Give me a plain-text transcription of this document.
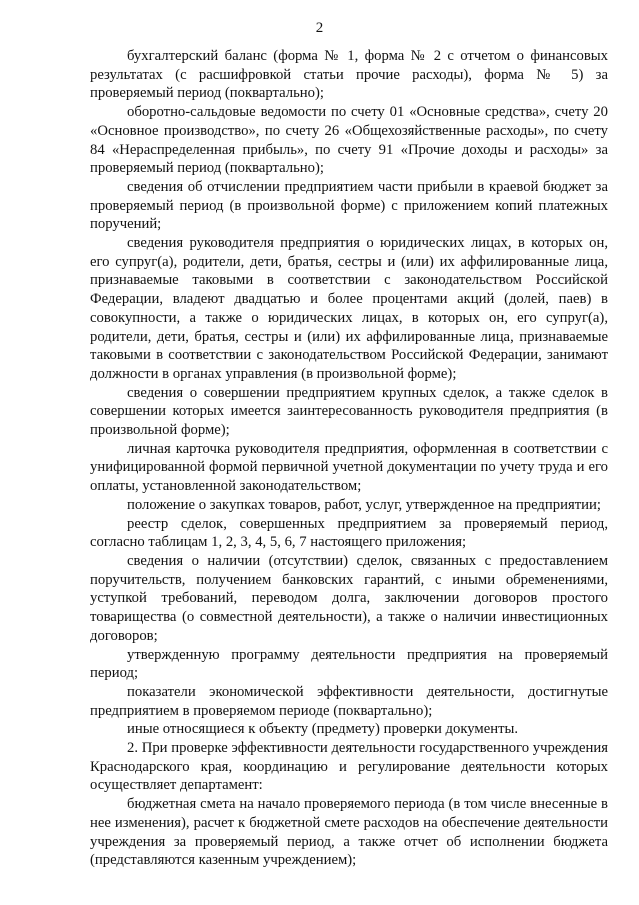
2

бухгалтерский баланс (форма № 1, форма № 2 с отчетом о финансовых результатах (с расшифровкой статьи прочие расходы), форма № 5) за проверяемый период (поквартально);

оборотно-сальдовые ведомости по счету 01 «Основные средства», счету 20 «Основное производство», по счету 26 «Общехозяйственные расходы», по счету 84 «Нераспределенная прибыль», по счету 91 «Прочие доходы и расходы» за проверяемый период (поквартально);

сведения об отчислении предприятием части прибыли в краевой бюджет за проверяемый период (в произвольной форме) с приложением копий платежных поручений;

сведения руководителя предприятия о юридических лицах, в которых он, его супруг(а), родители, дети, братья, сестры и (или) их аффилированные лица, признаваемые таковыми в соответствии с законодательством Российской Федерации, владеют двадцатью и более процентами акций (долей, паев) в совокупности, а также о юридических лицах, в которых он, его супруг(а), родители, дети, братья, сестры и (или) их аффилированные лица, признаваемые таковыми в соответствии с законодательством Российской Федерации, занимают должности в органах управления (в произвольной форме);

сведения о совершении предприятием крупных сделок, а также сделок в совершении которых имеется заинтересованность руководителя предприятия (в произвольной форме);

личная карточка руководителя предприятия, оформленная в соответствии с унифицированной формой первичной учетной документации по учету труда и его оплаты, установленной законодательством;

положение о закупках товаров, работ, услуг, утвержденное на предприятии;

реестр сделок, совершенных предприятием за проверяемый период, согласно таблицам 1, 2, 3, 4, 5, 6, 7 настоящего приложения;

сведения о наличии (отсутствии) сделок, связанных с предоставлением поручительств, получением банковских гарантий, с иными обременениями, уступкой требований, переводом долга, заключении договоров простого товарищества (о совместной деятельности), а также о наличии инвестиционных договоров;

утвержденную программу деятельности предприятия на проверяемый период;

показатели экономической эффективности деятельности, достигнутые предприятием в проверяемом периоде (поквартально);

иные относящиеся к объекту (предмету) проверки документы.

2. При проверке эффективности деятельности государственного учреждения Краснодарского края, координацию и регулирование деятельности которых осуществляет департамент:

бюджетная смета на начало проверяемого периода (в том числе внесенные в нее изменения), расчет к бюджетной смете расходов на обеспечение деятельности учреждения за проверяемый период, а также отчет об исполнении бюджета (представляются казенным учреждением);
